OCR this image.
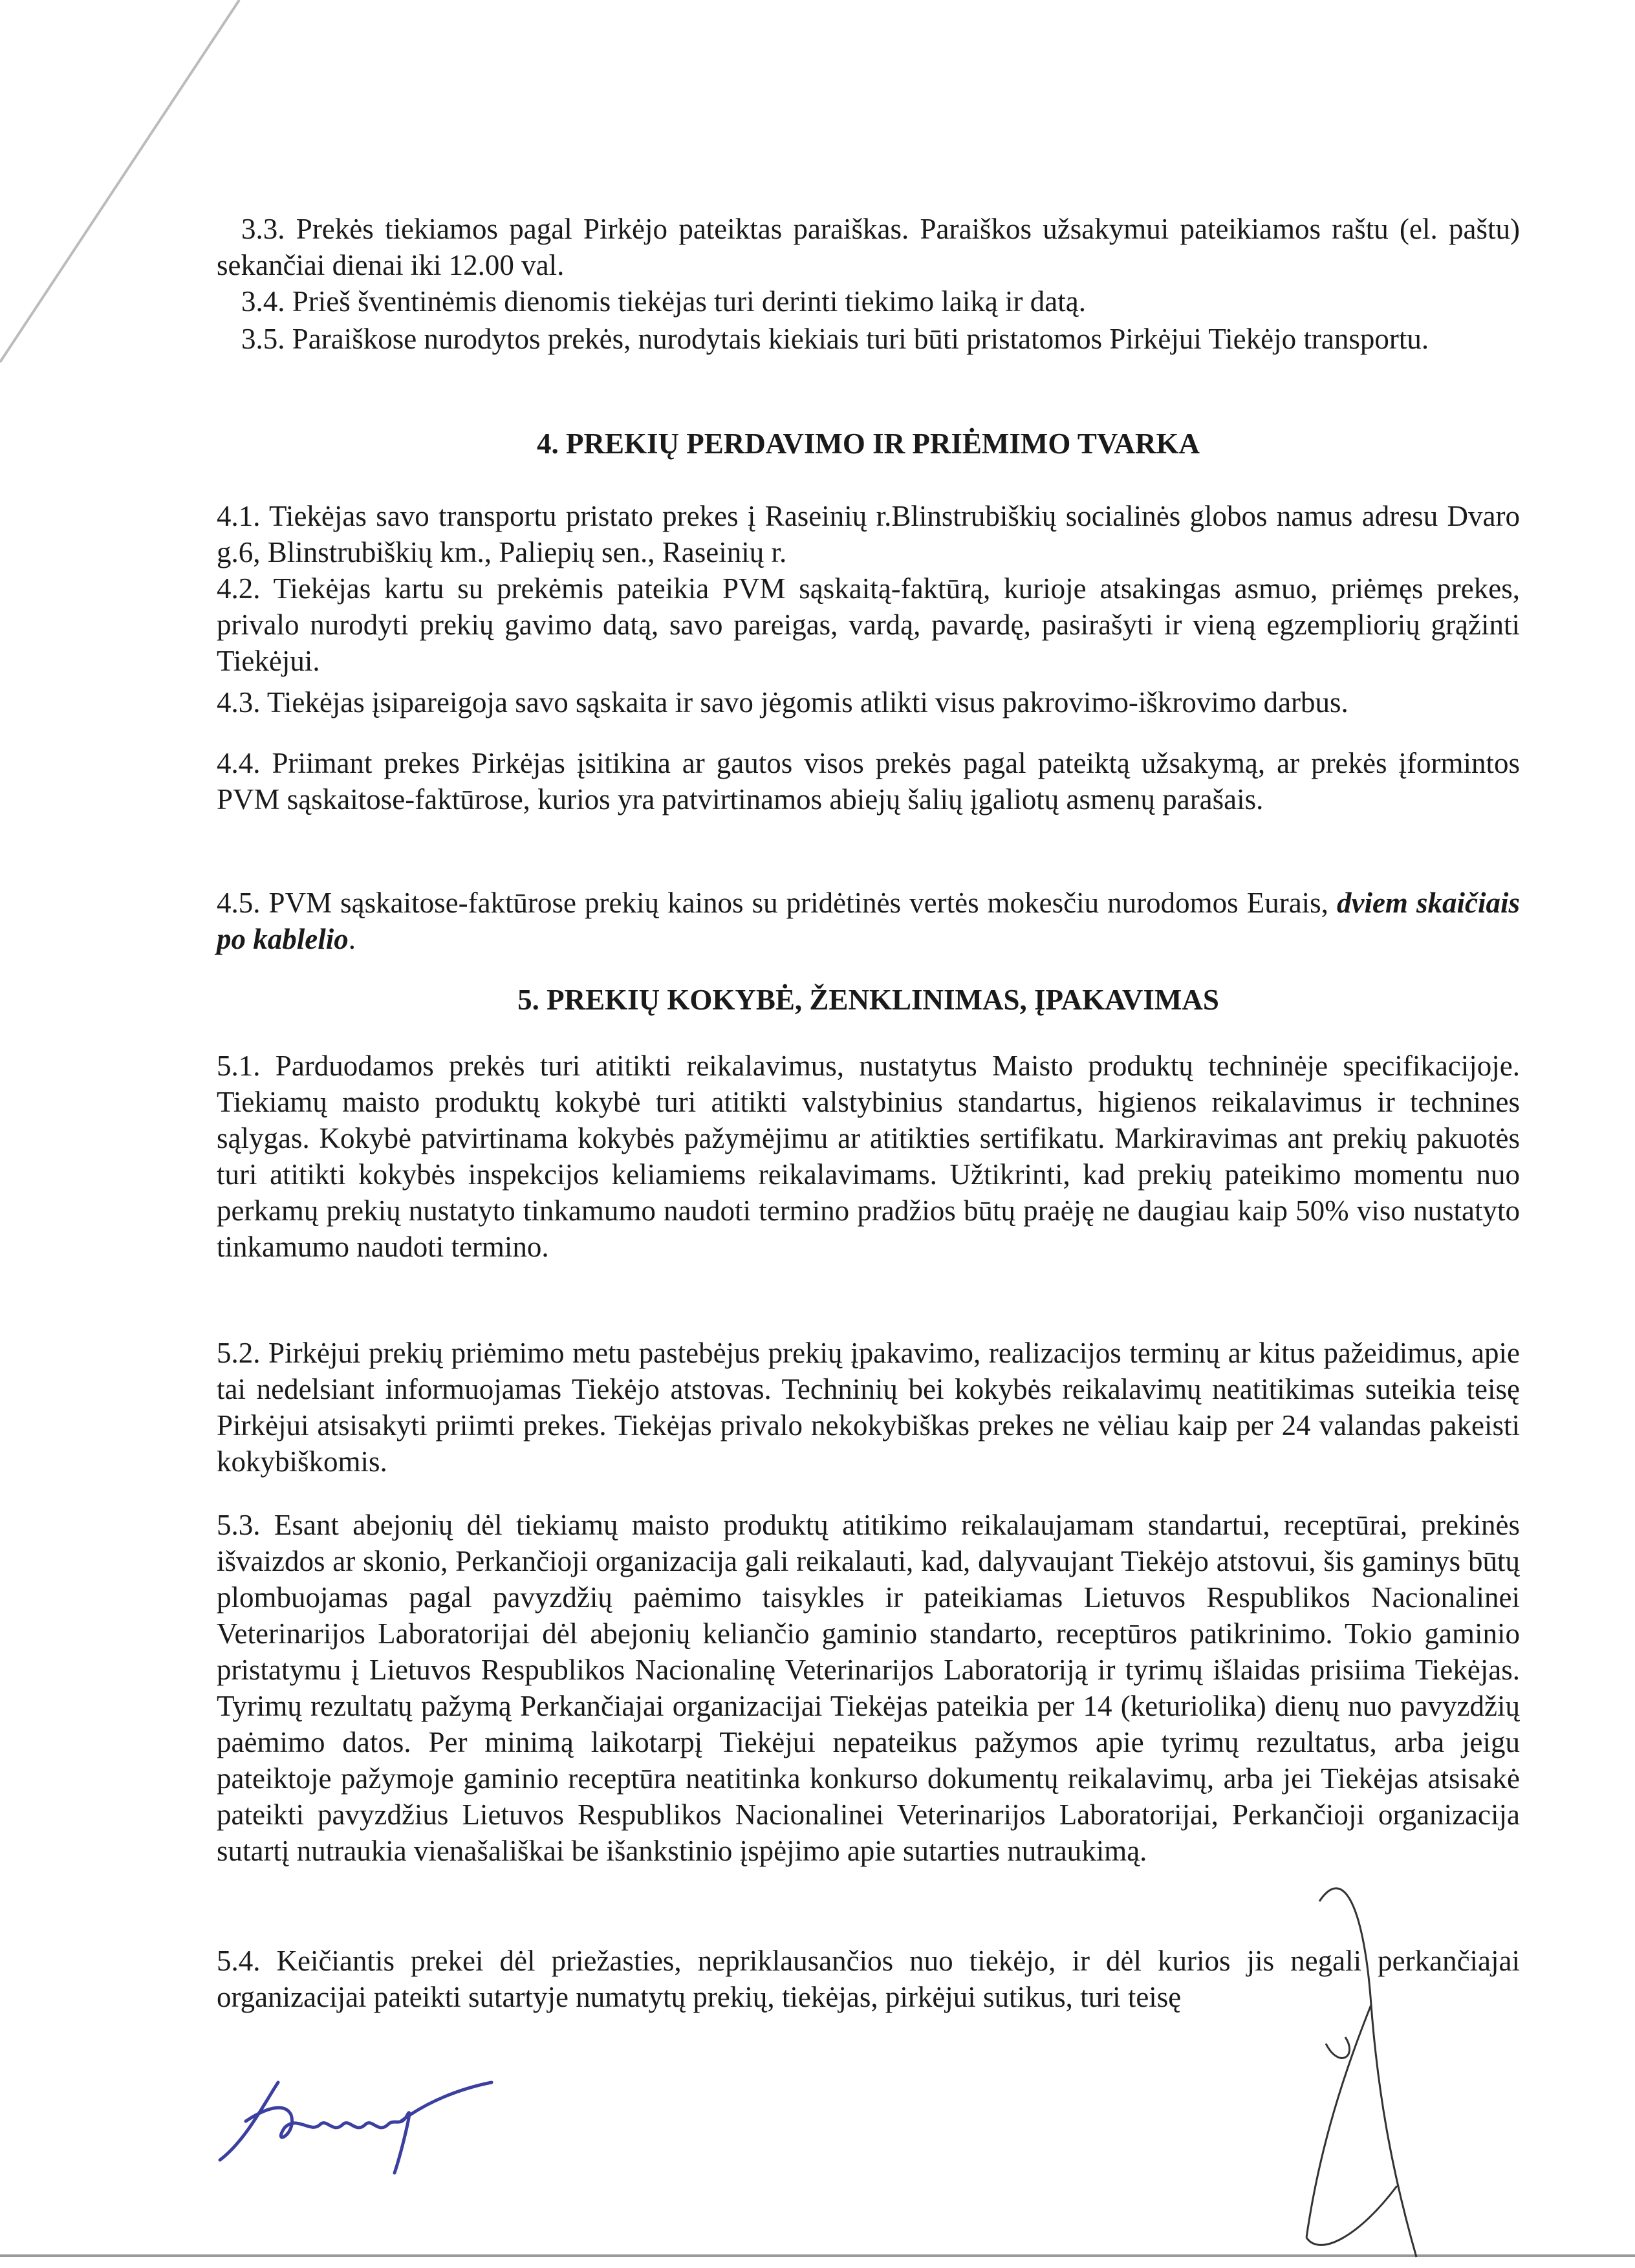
3.3. Prekės tiekiamos pagal Pirkėjo pateiktas paraiškas. Paraiškos užsakymui pateikiamos raštu (el. paštu) sekančiai dienai iki 12.00 val.

3.4. Prieš šventinėmis dienomis tiekėjas turi derinti tiekimo laiką ir datą.

3.5. Paraiškose nurodytos prekės, nurodytais kiekiais turi būti pristatomos Pirkėjui Tiekėjo transportu.

4. PREKIŲ PERDAVIMO IR PRIĖMIMO TVARKA

4.1. Tiekėjas savo transportu pristato prekes į Raseinių r.Blinstrubiškių socialinės globos namus adresu Dvaro g.6, Blinstrubiškių km., Paliepių sen., Raseinių r.

4.2. Tiekėjas kartu su prekėmis pateikia PVM sąskaitą-faktūrą, kurioje atsakingas asmuo, priėmęs prekes, privalo nurodyti prekių gavimo datą, savo pareigas, vardą, pavardę, pasirašyti ir vieną egzempliorių grąžinti Tiekėjui.

4.3. Tiekėjas įsipareigoja savo sąskaita ir savo jėgomis atlikti visus pakrovimo-iškrovimo darbus.

4.4. Priimant prekes Pirkėjas įsitikina ar gautos visos prekės pagal pateiktą užsakymą, ar prekės įformintos PVM sąskaitose-faktūrose, kurios yra patvirtinamos abiejų šalių įgaliotų asmenų parašais.

4.5. PVM sąskaitose-faktūrose prekių kainos su pridėtinės vertės mokesčiu nurodomos Eurais, dviem skaičiais po kablelio.

5. PREKIŲ KOKYBĖ, ŽENKLINIMAS, ĮPAKAVIMAS

5.1. Parduodamos prekės turi atitikti reikalavimus, nustatytus Maisto produktų techninėje specifikacijoje. Tiekiamų maisto produktų kokybė turi atitikti valstybinius standartus, higienos reikalavimus ir technines sąlygas. Kokybė patvirtinama kokybės pažymėjimu ar atitikties sertifikatu. Markiravimas ant prekių pakuotės turi atitikti kokybės inspekcijos keliamiems reikalavimams. Užtikrinti, kad prekių pateikimo momentu nuo perkamų prekių nustatyto tinkamumo naudoti termino pradžios būtų praėję ne daugiau kaip 50% viso nustatyto tinkamumo naudoti termino.

5.2. Pirkėjui prekių priėmimo metu pastebėjus prekių įpakavimo, realizacijos terminų ar kitus pažeidimus, apie tai nedelsiant informuojamas Tiekėjo atstovas. Techninių bei kokybės reikalavimų neatitikimas suteikia teisę Pirkėjui atsisakyti priimti prekes. Tiekėjas privalo nekokybiškas prekes ne vėliau kaip per 24 valandas pakeisti kokybiškomis.

5.3. Esant abejonių dėl tiekiamų maisto produktų atitikimo reikalaujamam standartui, receptūrai, prekinės išvaizdos ar skonio, Perkančioji organizacija gali reikalauti, kad, dalyvaujant Tiekėjo atstovui, šis gaminys būtų plombuojamas pagal pavyzdžių paėmimo taisykles ir pateikiamas Lietuvos Respublikos Nacionalinei Veterinarijos Laboratorijai dėl abejonių keliančio gaminio standarto, receptūros patikrinimo. Tokio gaminio pristatymu į Lietuvos Respublikos Nacionalinę Veterinarijos Laboratoriją ir tyrimų išlaidas prisiima Tiekėjas. Tyrimų rezultatų pažymą Perkančiajai organizacijai Tiekėjas pateikia per 14 (keturiolika) dienų nuo pavyzdžių paėmimo datos. Per minimą laikotarpį Tiekėjui nepateikus pažymos apie tyrimų rezultatus, arba jeigu pateiktoje pažymoje gaminio receptūra neatitinka konkurso dokumentų reikalavimų, arba jei Tiekėjas atsisakė pateikti pavyzdžius Lietuvos Respublikos Nacionalinei Veterinarijos Laboratorijai, Perkančioji organizacija sutartį nutraukia vienašališkai be išankstinio įspėjimo apie sutarties nutraukimą.

5.4. Keičiantis prekei dėl priežasties, nepriklausančios nuo tiekėjo, ir dėl kurios jis negali perkančiajai organizacijai pateikti sutartyje numatytų prekių, tiekėjas, pirkėjui sutikus, turi teisę
